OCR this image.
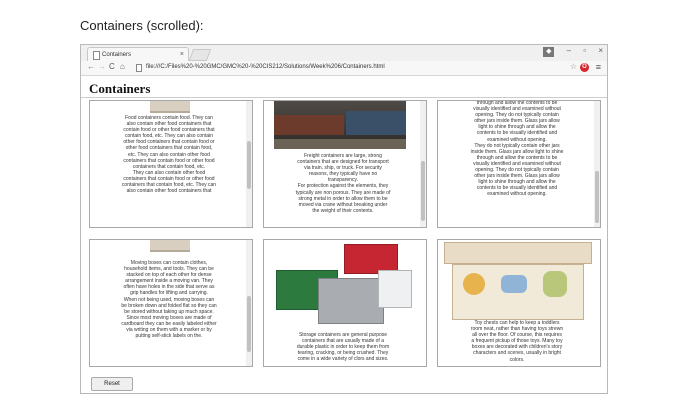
Containers (scrolled):
Containers	×	◆ – ▫ ×
← → C ⌂	file:///C:/Files%20-%20GMC/GMC%20-%20CIS212/Solutions/Week%206/Containers.html	☆ O ≡
Containers
Food containers contain food. They can
also contain other food containers that
contain food or other food containers that
contain food, etc. They can also contain
other food containers that contain food or
other food containers that contain food,
etc. They can also contain other food
containers that contain food or other food
containers that contain food, etc.
They can also contain other food
containers that contain food or other food
containers that contain food, etc. They can
also contain other food containers that
Freight containers are large, strong
containers that are designed for transport
via train, ship, or truck. For security
reasons, they typically have no
transparency.
For protection against the elements, they
typically are non porous. They are made of
strong metal in order to allow them to be
moved via crane without breaking under
the weight of their contents.
through and allow the contents to be
visually identified and examined without
opening. They do not typically contain
other jars inside them. Glass jars allow
light to shine through and allow the
contents to be visually identified and
examined without opening.
They do not typically contain other jars
inside them. Glass jars allow light to shine
through and allow the contents to be
visually identified and examined without
opening. They do not typically contain
other jars inside them. Glass jars allow
light to shine through and allow the
contents to be visually identified and
examined without opening.
Moving boxes can contain clothes,
household items, and tools. They can be
stacked on top of each other for dense
arrangement inside a moving van. They
often have holes in the side that serve as
grip handles for lifting and carrying.
When not being used, moving boxes can
be broken down and folded flat so they can
be stored without taking up much space.
Since most moving boxes are made of
cardboard they can be easily labeled either
via writing on them with a marker or by
putting self-stick labels on the.	Storage containers are general purpose
containers that are usually made of a
durable plastic in order to keep them from
tearing, cracking, or being crushed. They
come in a wide variety of clors and sizes.
Toy chests can help to keep a toddlers
room neat, rather than having toys strewn
all over the floor. Of course, this requires
a frequent pickup of those toys. Many toy
boxes are decorated with children's story
characters and scenes, usually in bright
colors.
Reset
